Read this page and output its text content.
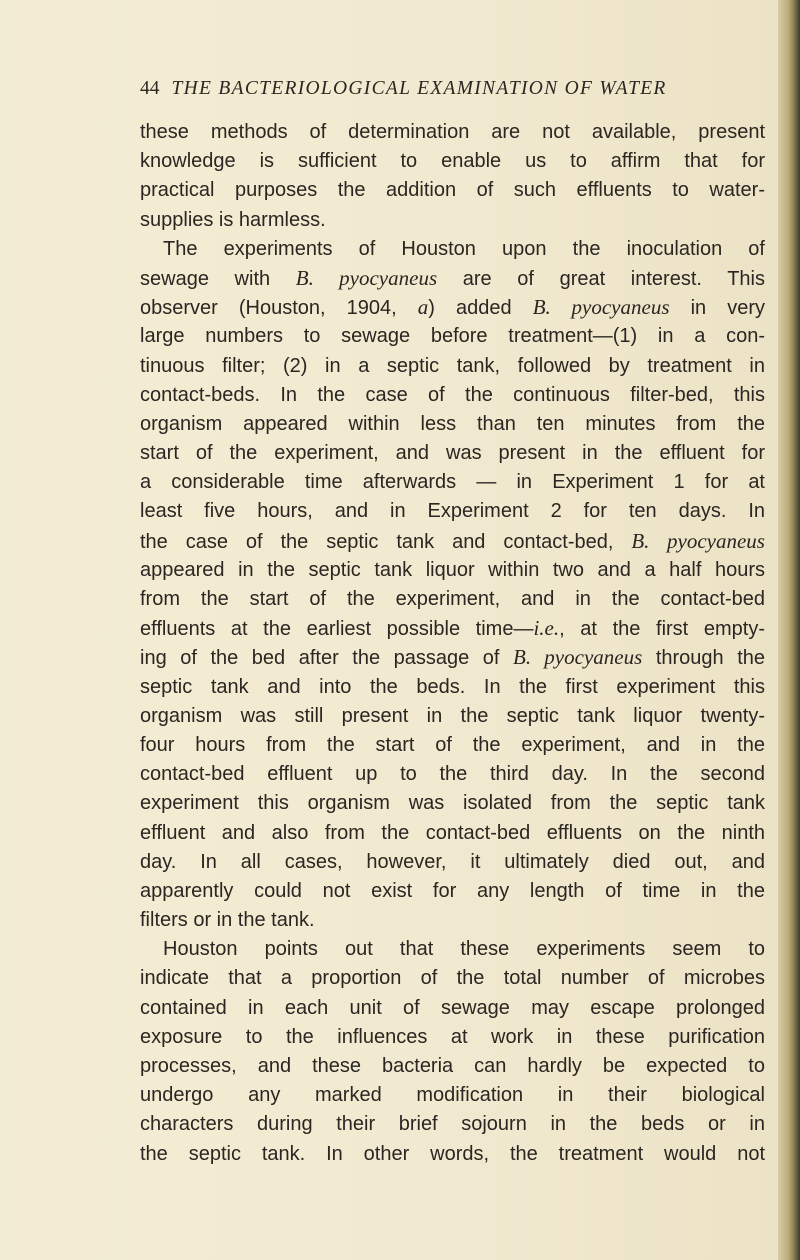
44 THE BACTERIOLOGICAL EXAMINATION OF WATER
these methods of determination are not available, present
knowledge is sufficient to enable us to affirm that for
practical purposes the addition of such effluents to water-
supplies is harmless.
The experiments of Houston upon the inoculation of
sewage with B. pyocyaneus are of great interest. This
observer (Houston, 1904, a) added B. pyocyaneus in very
large numbers to sewage before treatment—(1) in a con-
tinuous filter; (2) in a septic tank, followed by treatment in
contact-beds. In the case of the continuous filter-bed, this
organism appeared within less than ten minutes from the
start of the experiment, and was present in the effluent for
a considerable time afterwards — in Experiment 1 for at
least five hours, and in Experiment 2 for ten days. In
the case of the septic tank and contact-bed, B. pyocyaneus
appeared in the septic tank liquor within two and a half hours
from the start of the experiment, and in the contact-bed
effluents at the earliest possible time—i.e., at the first empty-
ing of the bed after the passage of B. pyocyaneus through the
septic tank and into the beds. In the first experiment this
organism was still present in the septic tank liquor twenty-
four hours from the start of the experiment, and in the
contact-bed effluent up to the third day. In the second
experiment this organism was isolated from the septic tank
effluent and also from the contact-bed effluents on the ninth
day. In all cases, however, it ultimately died out, and
apparently could not exist for any length of time in the
filters or in the tank.
Houston points out that these experiments seem to
indicate that a proportion of the total number of microbes
contained in each unit of sewage may escape prolonged
exposure to the influences at work in these purification
processes, and these bacteria can hardly be expected to
undergo any marked modification in their biological
characters during their brief sojourn in the beds or in
the septic tank. In other words, the treatment would not
